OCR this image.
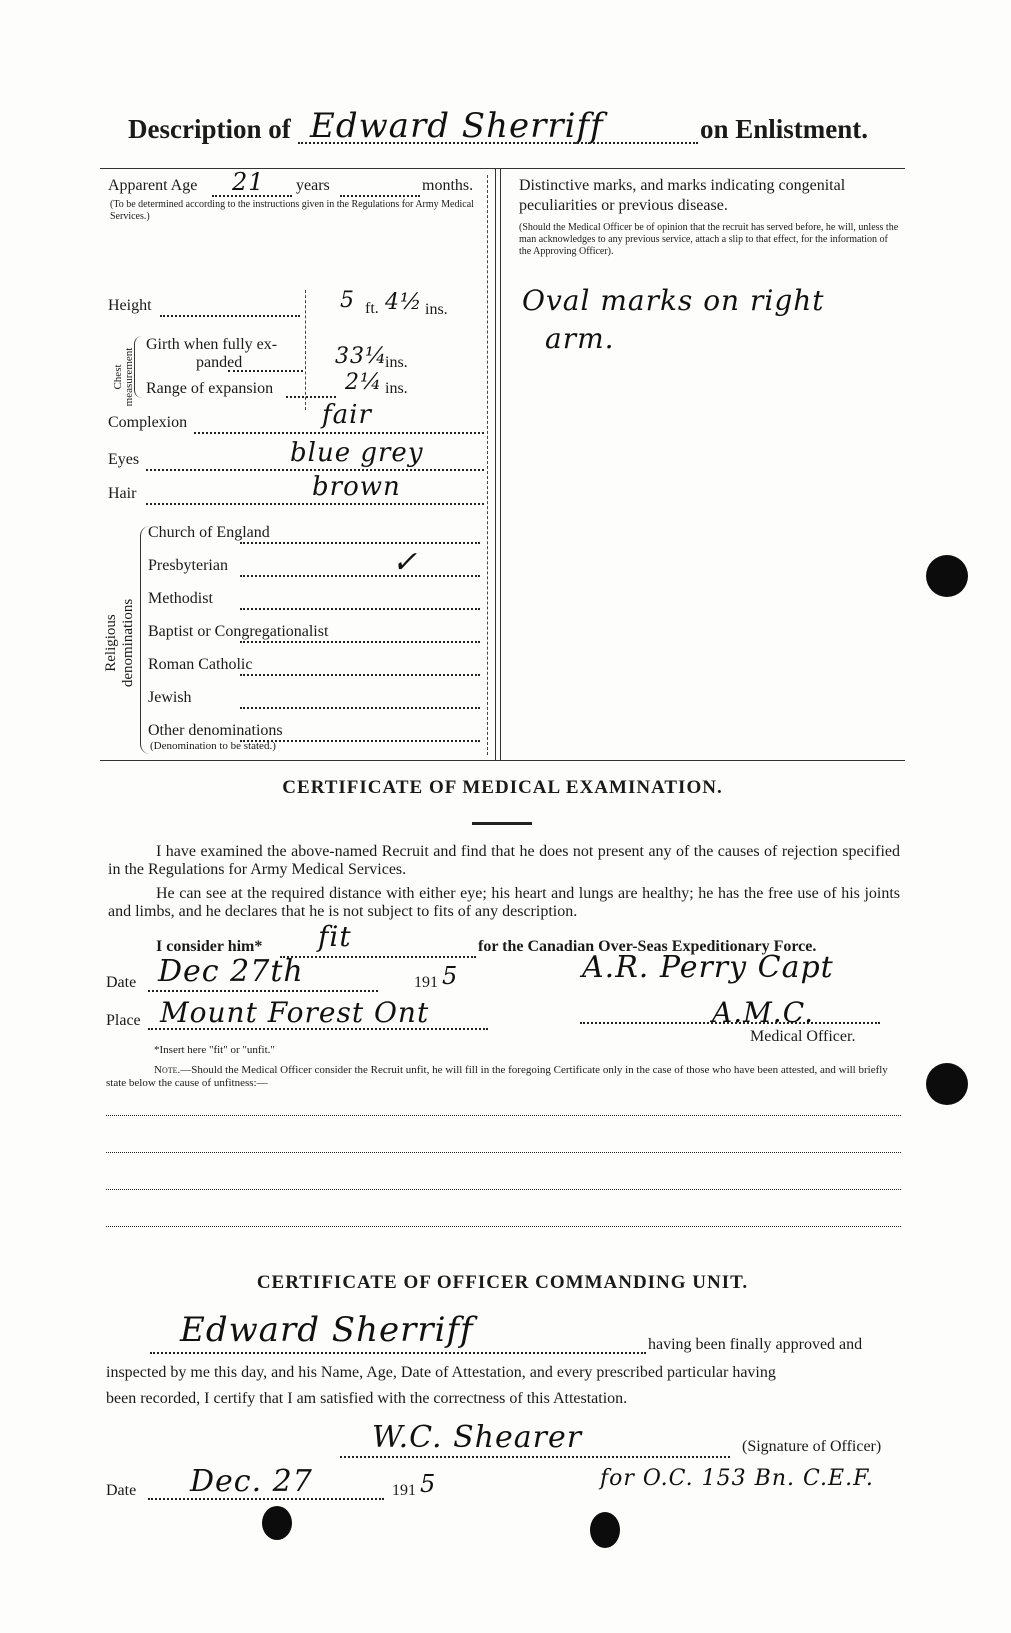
Description of Edward Sherriff	on Enlistment.
Apparent Age 21 years	months.
(To be determined according to the instructions given in the Regulations for Army Medical Services.)
Height	5 ft. 4½ ins.
Chest measurement
Girth when fully ex-
panded	33¼
ins.
Range of expansion	2¼ ins.
Complexion	fair
Eyes	blue grey
Hair	brown
Religious denominations
Church of England
Presbyterian	✓
Methodist
Baptist or Congregationalist
Roman Catholic
Jewish
Other denominations
(Denomination to be stated.)
Distinctive marks, and marks indicating congenital
peculiarities or previous disease.
(Should the Medical Officer be of opinion that the recruit has served before, he will, unless the man acknowledges to any previous service, attach a slip to that effect, for the information of the Approving Officer).
Oval marks on right
arm.
CERTIFICATE OF MEDICAL EXAMINATION.
I have examined the above-named Recruit and find that he does not present any of the causes of rejection specified in the Regulations for Army Medical Services.
He can see at the required distance with either eye; his heart and lungs are healthy; he has the free use of his joints and limbs, and he declares that he is not subject to fits of any description.
I consider him* fit	for the Canadian Over-Seas Expeditionary Force.
Date Dec 27th	191 5	A.R. Perry Capt
Place Mount Forest Ont	A.M.C.
Medical Officer.
*Insert here "fit" or "unfit."
Note.—Should the Medical Officer consider the Recruit unfit, he will fill in the foregoing Certificate only in the case of those who have been attested, and will briefly state below the cause of unfitness:—
CERTIFICATE OF OFFICER COMMANDING UNIT.
Edward Sherriff	having been finally approved and
inspected by me this day, and his Name, Age, Date of Attestation, and every prescribed particular having
been recorded, I certify that I am satisfied with the correctness of this Attestation.
W.C. Shearer	(Signature of Officer)
for O.C. 153 Bn. C.E.F.
Date Dec. 27	191 5
